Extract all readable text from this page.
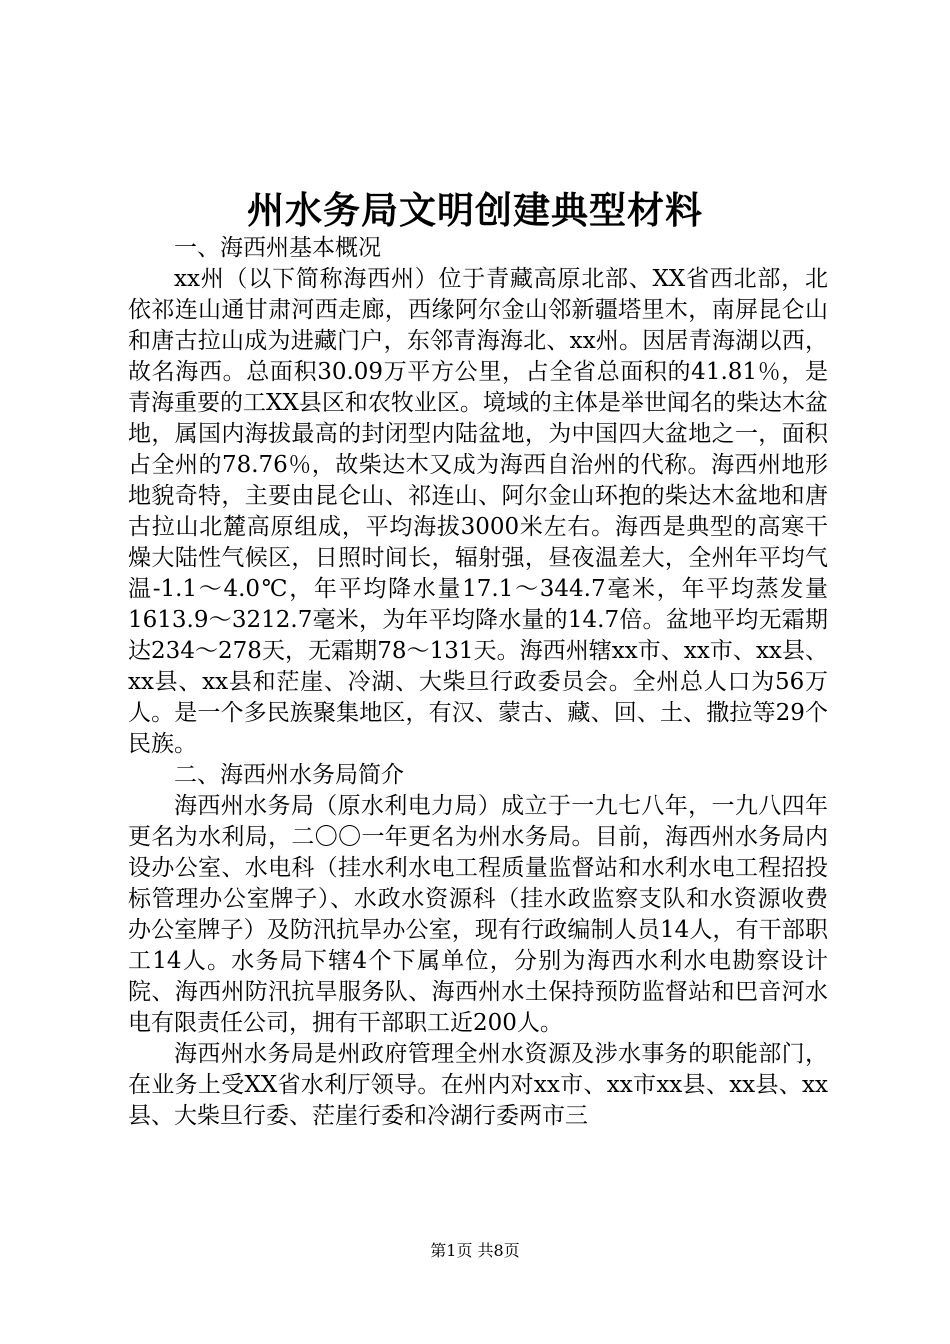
州水务局文明创建典型材料

一、海西州基本概况

xx州（以下简称海西州）位于青藏高原北部、XX省西北部，北依祁连山通甘肃河西走廊，西缘阿尔金山邻新疆塔里木，南屏昆仑山和唐古拉山成为进藏门户，东邻青海海北、xx州。因居青海湖以西，故名海西。总面积30.09万平方公里，占全省总面积的41.81％，是青海重要的工XX县区和农牧业区。境域的主体是举世闻名的柴达木盆地，属国内海拔最高的封闭型内陆盆地，为中国四大盆地之一，面积占全州的78.76％，故柴达木又成为海西自治州的代称。海西州地形地貌奇特，主要由昆仑山、祁连山、阿尔金山环抱的柴达木盆地和唐古拉山北麓高原组成，平均海拔3000米左右。海西是典型的高寒干燥大陆性气候区，日照时间长，辐射强，昼夜温差大，全州年平均气温-1.1～4.0℃，年平均降水量17.1～344.7毫米，年平均蒸发量1613.9～3212.7毫米，为年平均降水量的14.7倍。盆地平均无霜期达234～278天，无霜期78～131天。海西州辖xx市、xx市、xx县、xx县、xx县和茫崖、冷湖、大柴旦行政委员会。全州总人口为56万人。是一个多民族聚集地区，有汉、蒙古、藏、回、土、撒拉等29个民族。

二、海西州水务局简介

海西州水务局（原水利电力局）成立于一九七八年，一九八四年更名为水利局，二〇〇一年更名为州水务局。目前，海西州水务局内设办公室、水电科（挂水利水电工程质量监督站和水利水电工程招投标管理办公室牌子）、水政水资源科（挂水政监察支队和水资源收费办公室牌子）及防汛抗旱办公室，现有行政编制人员14人，有干部职工14人。水务局下辖4个下属单位，分别为海西水利水电勘察设计院、海西州防汛抗旱服务队、海西州水土保持预防监督站和巴音河水电有限责任公司，拥有干部职工近200人。

海西州水务局是州政府管理全州水资源及涉水事务的职能部门，在业务上受XX省水利厅领导。在州内对xx市、xx市xx县、xx县、xx县、大柴旦行委、茫崖行委和冷湖行委两市三

第1页 共8页
